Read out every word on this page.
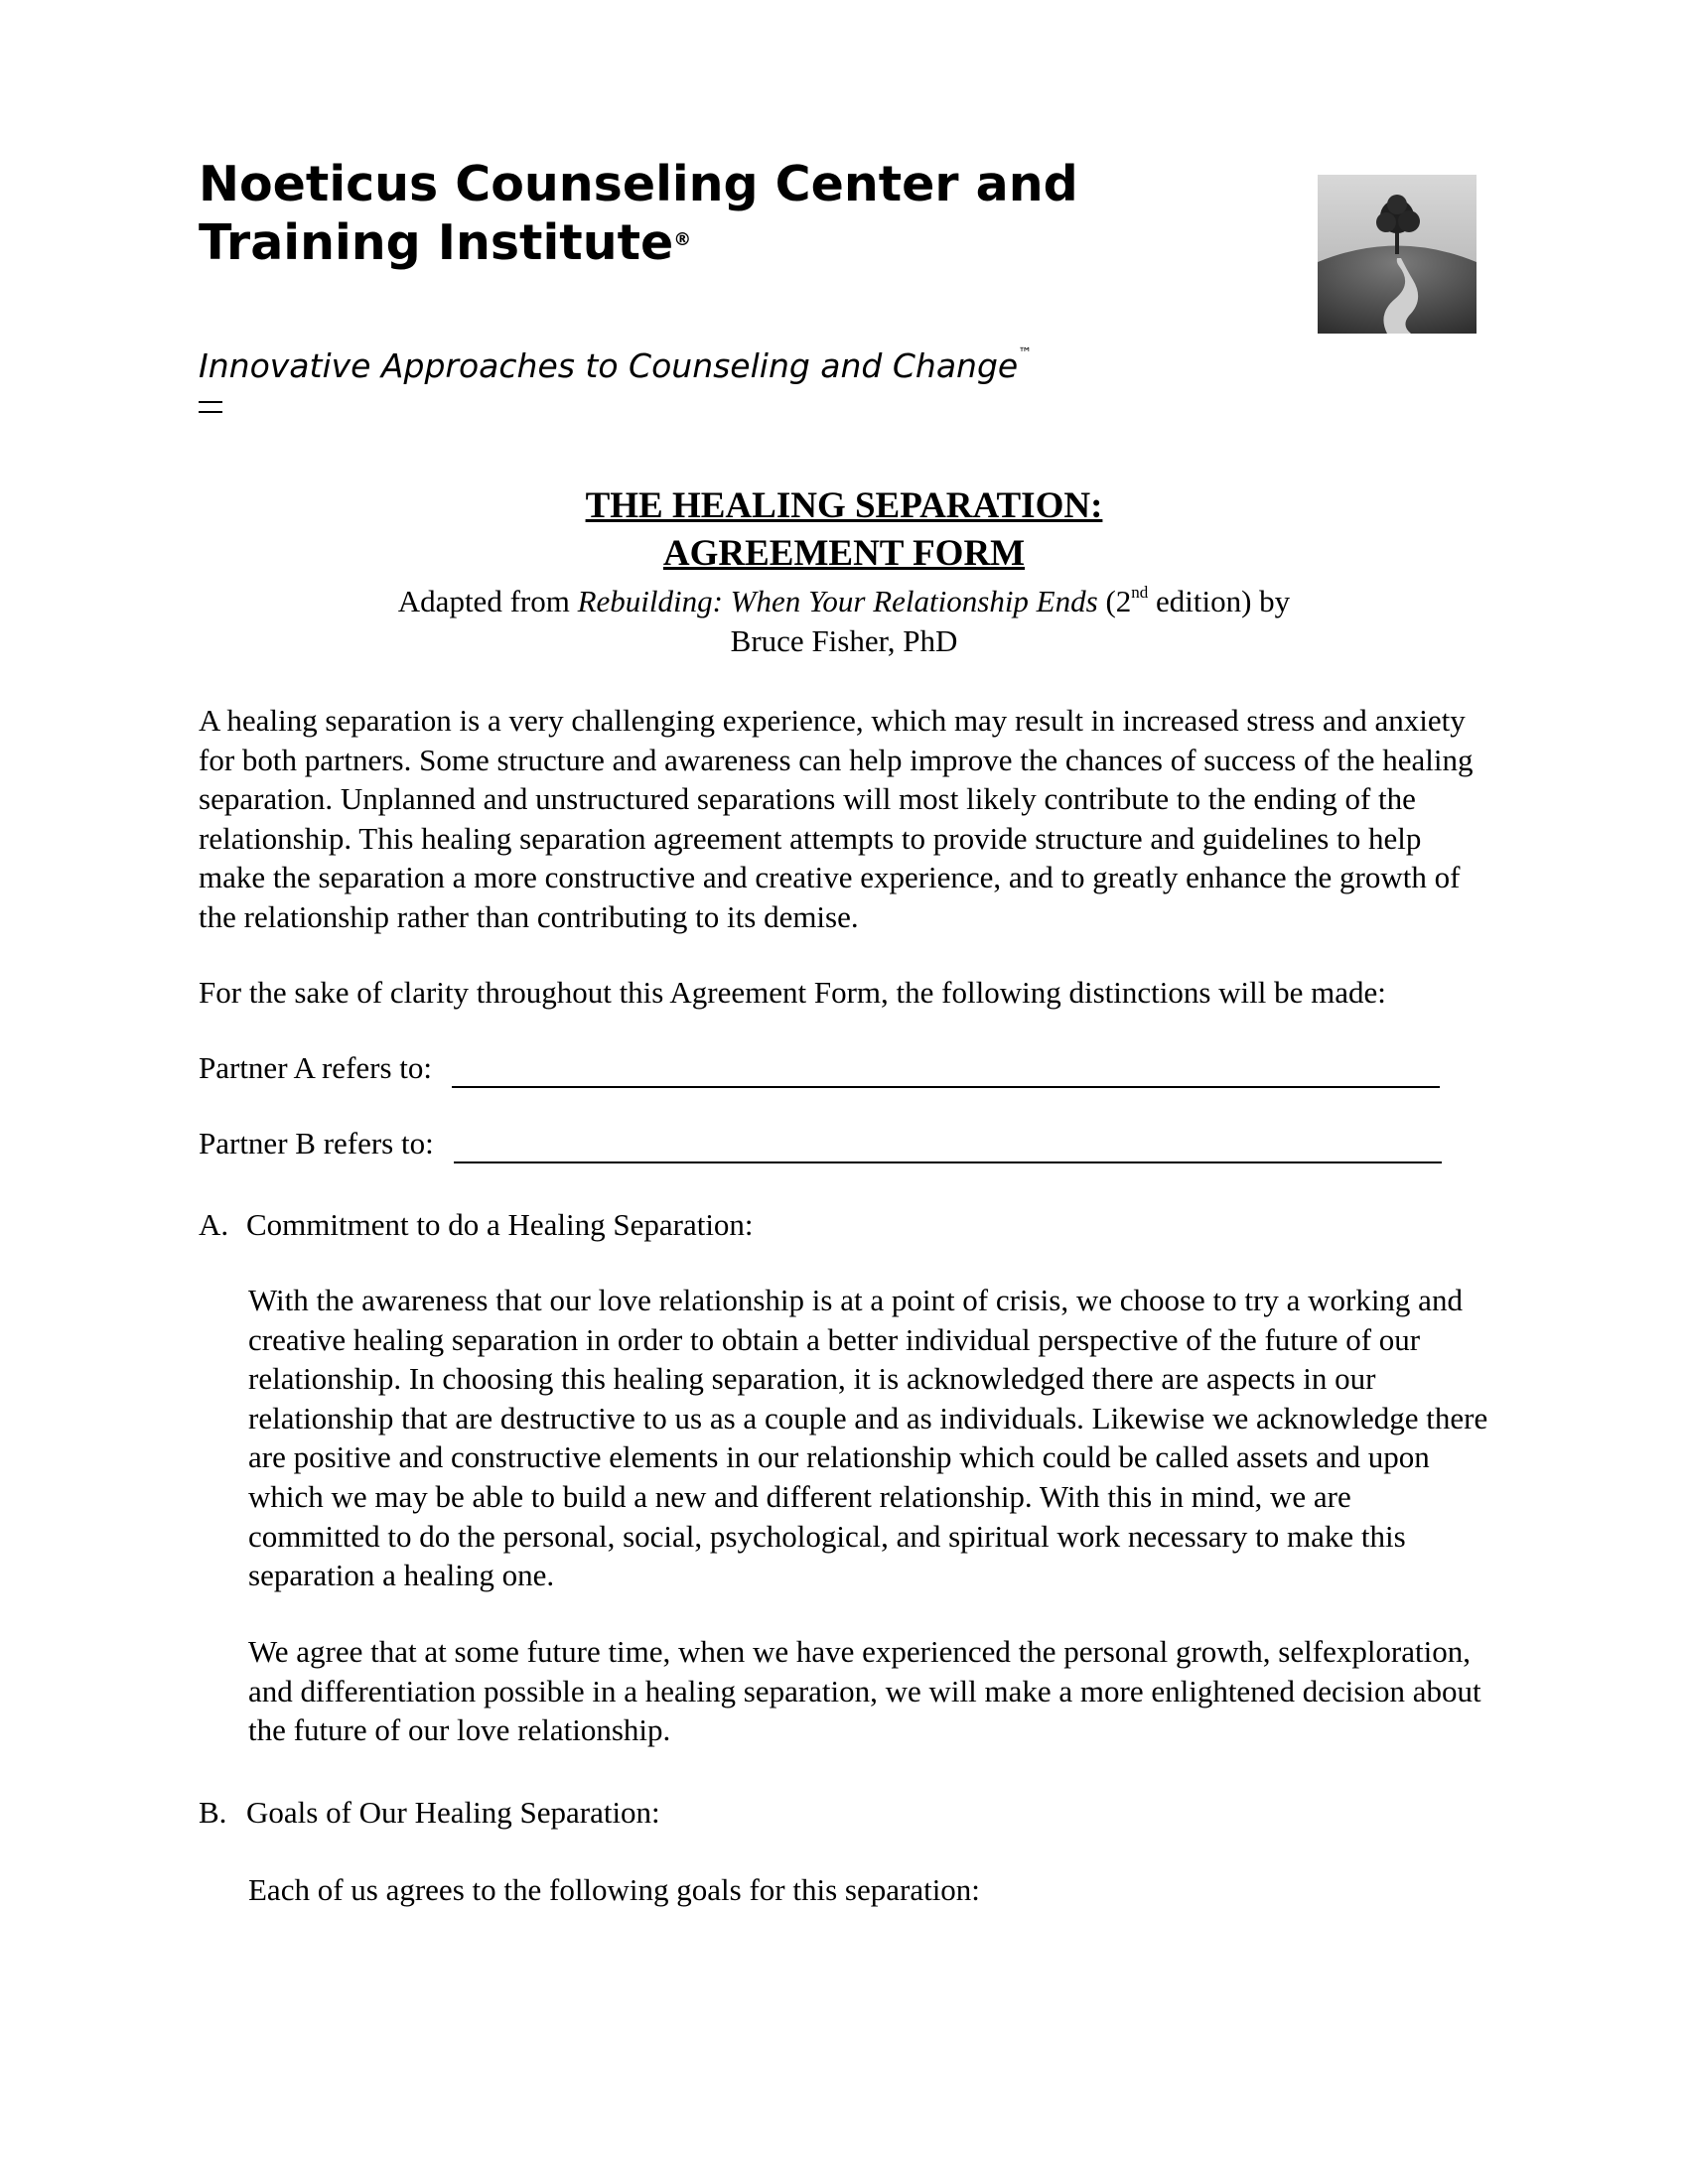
Noeticus Counseling Center and
Training Institute®
Innovative Approaches to Counseling and Change™
THE HEALING SEPARATION:
AGREEMENT FORM
Adapted from Rebuilding: When Your Relationship Ends (2nd edition) by
Bruce Fisher, PhD

A healing separation is a very challenging experience, which may result in increased stress and anxiety for both partners. Some structure and awareness can help improve the chances of success of the healing separation. Unplanned and unstructured separations will most likely contribute to the ending of the relationship. This healing separation agreement attempts to provide structure and guidelines to help make the separation a more constructive and creative experience, and to greatly enhance the growth of the relationship rather than contributing to its demise.

For the sake of clarity throughout this Agreement Form, the following distinctions will be made:

Partner A refers to:
Partner B refers to:
A. Commitment to do a Healing Separation:

With the awareness that our love relationship is at a point of crisis, we choose to try a working and creative healing separation in order to obtain a better individual perspective of the future of our relationship. In choosing this healing separation, it is acknowledged there are aspects in our relationship that are destructive to us as a couple and as individuals. Likewise we acknowledge there are positive and constructive elements in our relationship which could be called assets and upon which we may be able to build a new and different relationship. With this in mind, we are committed to do the personal, social, psychological, and spiritual work necessary to make this separation a healing one.

We agree that at some future time, when we have experienced the personal growth, selfexploration, and differentiation possible in a healing separation, we will make a more enlightened decision about the future of our love relationship.

B. Goals of Our Healing Separation:

Each of us agrees to the following goals for this separation:
